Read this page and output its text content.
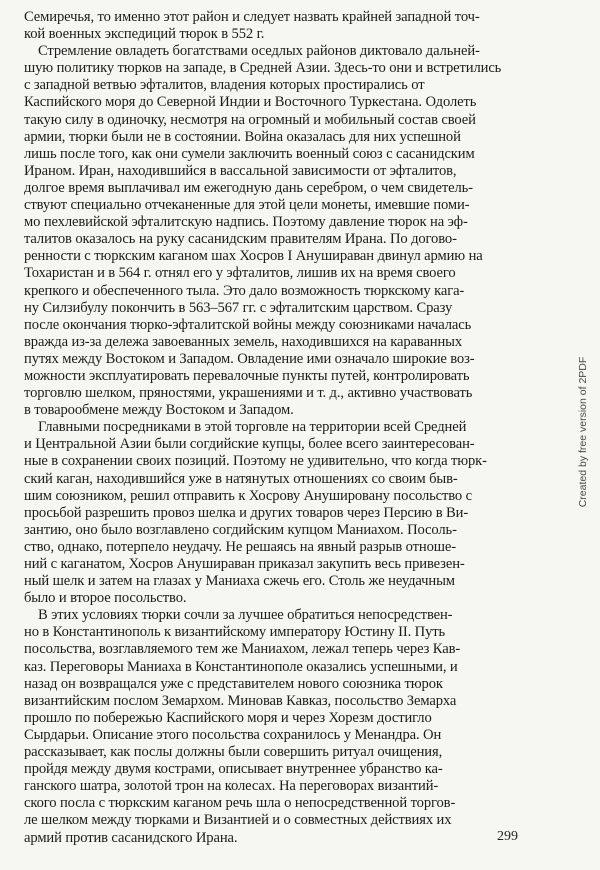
Семиречья, то именно этот район и следует назвать крайней западной точ-
кой военных экспедиций тюрок в 552 г.
Стремление овладеть богатствами оседлых районов диктовало дальней-
шую политику тюрков на западе, в Средней Азии. Здесь-то они и встретились
с западной ветвью эфталитов, владения которых простирались от
Каспийского моря до Северной Индии и Восточного Туркестана. Одолеть
такую силу в одиночку, несмотря на огромный и мобильный состав своей
армии, тюрки были не в состоянии. Война оказалась для них успешной
лишь после того, как они сумели заключить военный союз с сасанидским
Ираном. Иран, находившийся в вассальной зависимости от эфталитов,
долгое время выплачивал им ежегодную дань серебром, о чем свидетель-
ствуют специально отчеканенные для этой цели монеты, имевшие поми-
мо пехлевийской эфталитскую надпись. Поэтому давление тюрок на эф-
талитов оказалось на руку сасанидским правителям Ирана. По догово-
ренности с тюркским каганом шах Хосров I Анушираван двинул армию на
Тохаристан и в 564 г. отнял его у эфталитов, лишив их на время своего
крепкого и обеспеченного тыла. Это дало возможность тюркскому кага-
ну Силзибулу покончить в 563–567 гг. с эфталитским царством. Сразу
после окончания тюрко-эфталитской войны между союзниками началась
вражда из-за дележа завоеванных земель, находившихся на караванных
путях между Востоком и Западом. Овладение ими означало широкие воз-
можности эксплуатировать перевалочные пункты путей, контролировать
торговлю шелком, пряностями, украшениями и т. д., активно участвовать
в товарообмене между Востоком и Западом.
Главными посредниками в этой торговле на территории всей Средней
и Центральной Азии были согдийские купцы, более всего заинтересован-
ные в сохранении своих позиций. Поэтому не удивительно, что когда тюрк-
ский каган, находившийся уже в натянутых отношениях со своим быв-
шим союзником, решил отправить к Хосрову Анушировану посольство с
просьбой разрешить провоз шелка и других товаров через Персию в Ви-
зантию, оно было возглавлено согдийским купцом Маниахом. Посоль-
ство, однако, потерпело неудачу. Не решаясь на явный разрыв отноше-
ний с каганатом, Хосров Анушираван приказал закупить весь привезен-
ный шелк и затем на глазах у Маниаха сжечь его. Столь же неудачным
было и второе посольство.
В этих условиях тюрки сочли за лучшее обратиться непосредствен-
но в Константинополь к византийскому императору Юстину II. Путь
посольства, возглавляемого тем же Маниахом, лежал теперь через Кав-
каз. Переговоры Маниаха в Константинополе оказались успешными, и
назад он возвращался уже с представителем нового союзника тюрок
византийским послом Земархом. Миновав Кавказ, посольство Земарха
прошло по побережью Каспийского моря и через Хорезм достигло
Сырдарьи. Описание этого посольства сохранилось у Менандра. Он
рассказывает, как послы должны были совершить ритуал очищения,
пройдя между двумя кострами, описывает внутреннее убранство ка-
ганского шатра, золотой трон на колесах. На переговорах византий-
ского посла с тюркским каганом речь шла о непосредственной торгов-
ле шелком между тюрками и Византией и о совместных действиях их
армий против сасанидского Ирана.	299
Created by free version of 2PDF
